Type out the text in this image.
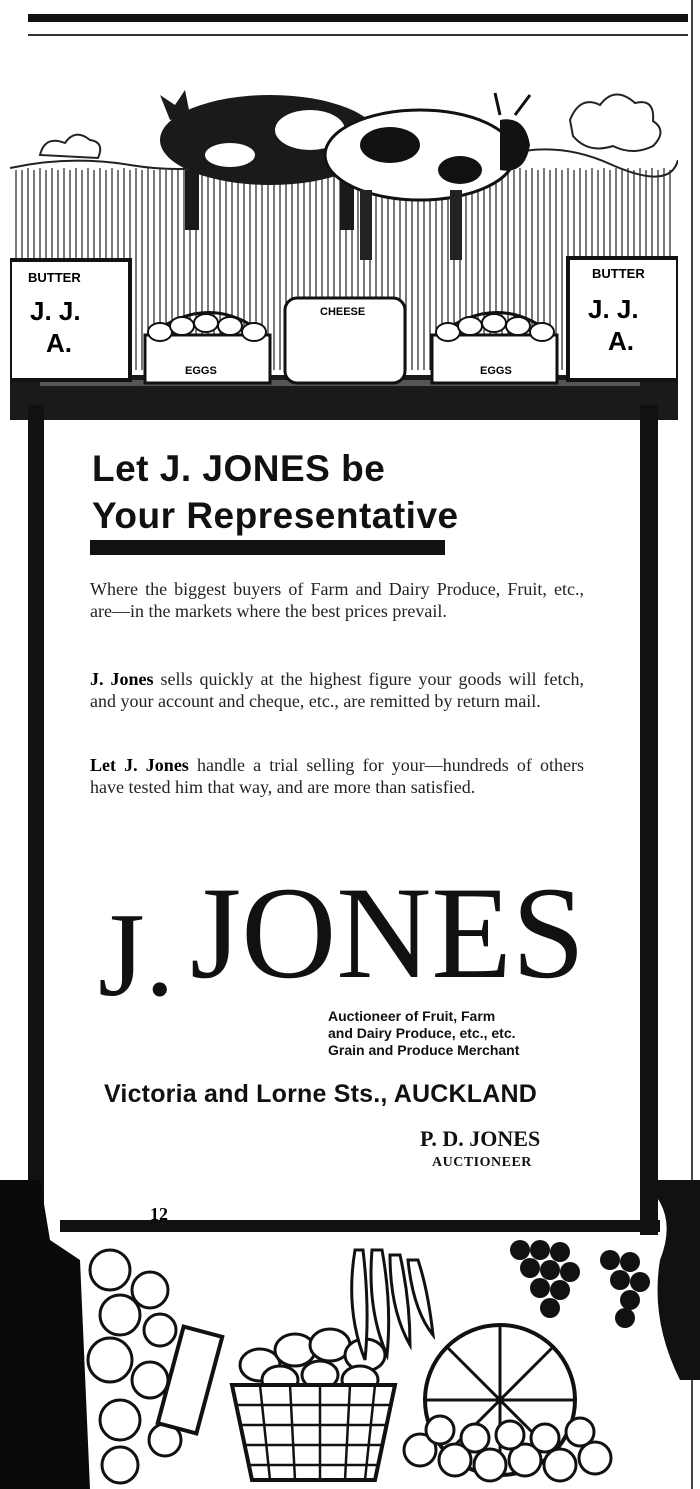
BUTTER
J. J.
A.
BUTTER
J. J.
A.
EGGS
CHEESE
EGGS
Let J. JONES be
Your Representative
Where the biggest buyers of Farm and Dairy Produce, Fruit, etc., are—in the markets where the best prices prevail.
J. Jones sells quickly at the highest figure your goods will fetch, and your account and cheque, etc., are remitted by return mail.
Let J. Jones handle a trial selling for your—hundreds of others have tested him that way, and are more than satisfied.
J. JONES
Auctioneer of Fruit, Farm
and Dairy Produce, etc., etc.
Grain and Produce Merchant
Victoria and Lorne Sts., AUCKLAND
P. D. JONES
AUCTIONEER
12
